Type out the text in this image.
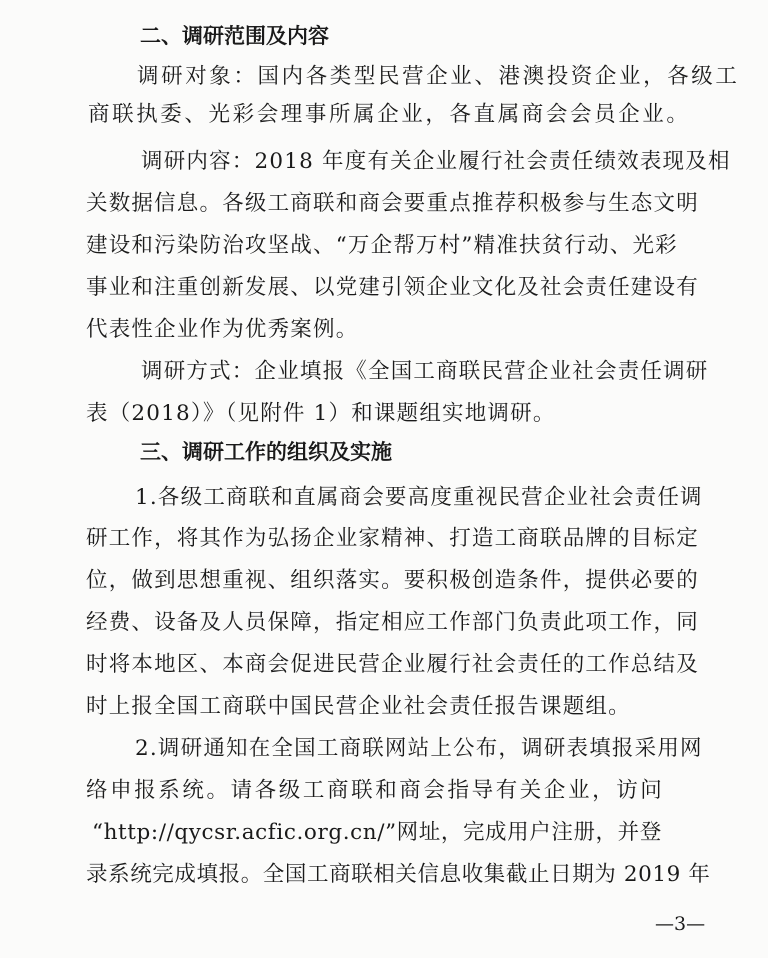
二、调研范围及内容
调研对象：国内各类型民营企业、港澳投资企业，各级工
商联执委、光彩会理事所属企业，各直属商会会员企业。
调研内容：2018 年度有关企业履行社会责任绩效表现及相
关数据信息。各级工商联和商会要重点推荐积极参与生态文明
建设和污染防治攻坚战、“万企帮万村”精准扶贫行动、光彩
事业和注重创新发展、以党建引领企业文化及社会责任建设有
代表性企业作为优秀案例。
调研方式：企业填报《全国工商联民营企业社会责任调研
表（2018）》（见附件 1）和课题组实地调研。
三、调研工作的组织及实施
1.各级工商联和直属商会要高度重视民营企业社会责任调
研工作，将其作为弘扬企业家精神、打造工商联品牌的目标定
位，做到思想重视、组织落实。要积极创造条件，提供必要的
经费、设备及人员保障，指定相应工作部门负责此项工作，同
时将本地区、本商会促进民营企业履行社会责任的工作总结及
时上报全国工商联中国民营企业社会责任报告课题组。
2.调研通知在全国工商联网站上公布，调研表填报采用网
络申报系统。请各级工商联和商会指导有关企业，访问
“http://qycsr.acfic.org.cn/”网址，完成用户注册，并登
录系统完成填报。全国工商联相关信息收集截止日期为 2019 年
—3—
